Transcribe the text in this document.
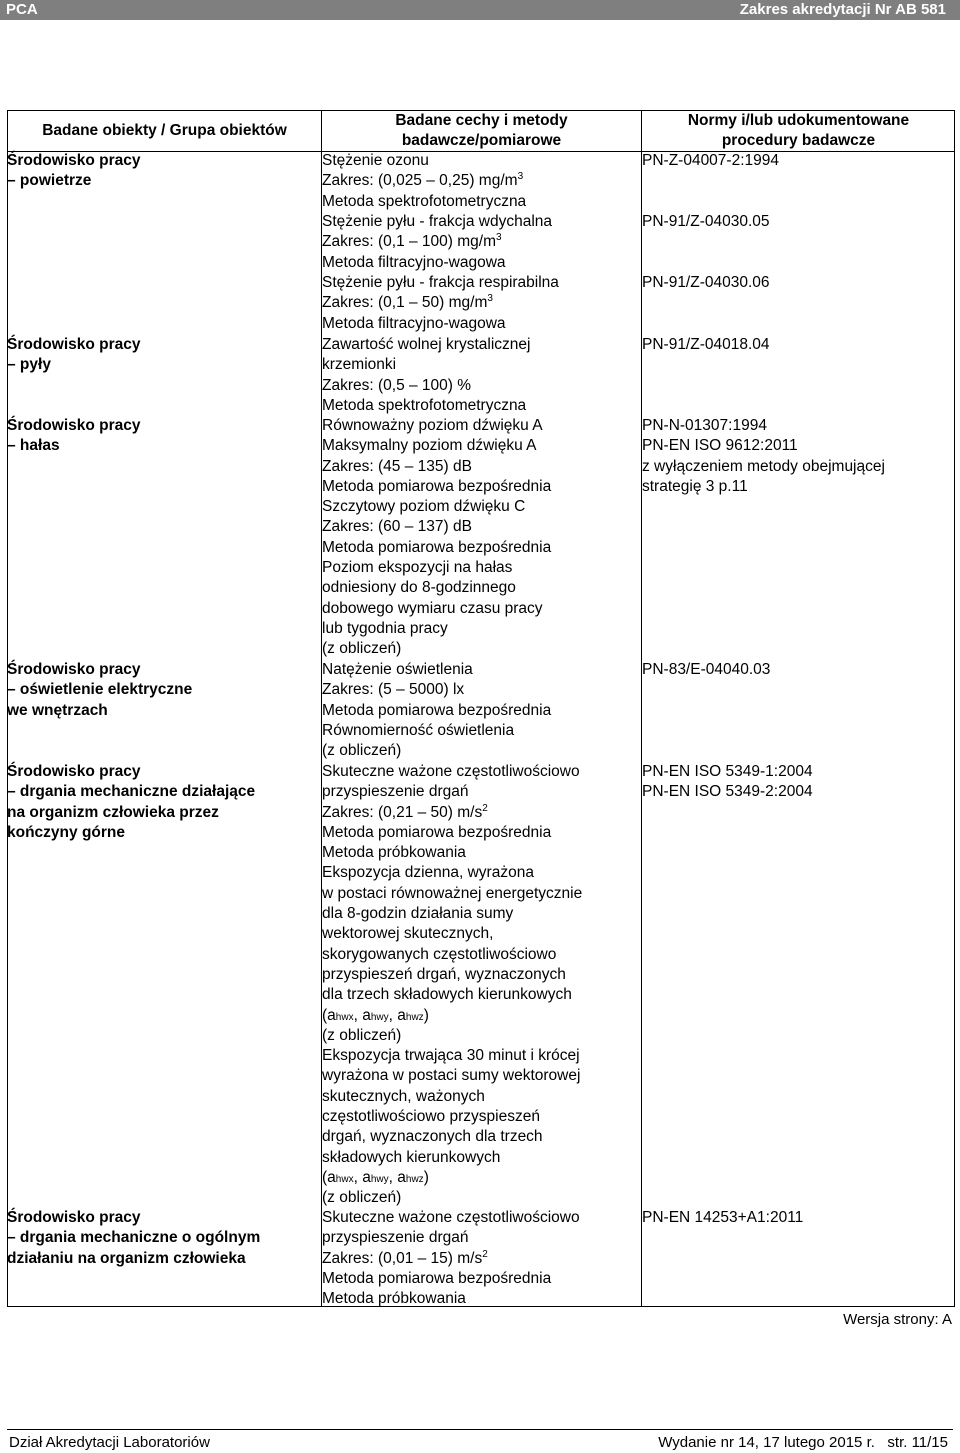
PCA	Zakres akredytacji Nr AB 581
Badane obiekty / Grupa obiektów
Badane cechy i metody
badawcze/pomiarowe
Normy i/lub udokumentowane
procedury badawcze
Środowisko pracy
– powietrze
Środowisko pracy
– pyły
Środowisko pracy
– hałas
Środowisko pracy
– oświetlenie elektryczne
we wnętrzach
Środowisko pracy
– drgania mechaniczne działające
na organizm człowieka przez
kończyny górne
Środowisko pracy
– drgania mechaniczne o ogólnym
działaniu na organizm człowieka
Stężenie ozonu
Zakres: (0,025 – 0,25) $mg/m^3$
Metoda spektrofotometryczna
Stężenie pyłu - frakcja wdychalna
Zakres: (0,1 – 100) $mg/m^3$
Metoda filtracyjno-wagowa
Stężenie pyłu - frakcja respirabilna
Zakres: (0,1 – 50) $mg/m^3$
Metoda filtracyjno-wagowa
Zawartość wolnej krystalicznej
krzemionki
Zakres: (0,5 – 100) %
Metoda spektrofotometryczna
Równoważny poziom dźwięku A
Maksymalny poziom dźwięku A
Zakres: (45 – 135) dB
Metoda pomiarowa bezpośrednia
Szczytowy poziom dźwięku C
Zakres: (60 – 137) dB
Metoda pomiarowa bezpośrednia
Poziom ekspozycji na hałas
odniesiony do 8-godzinnego
dobowego wymiaru czasu pracy
lub tygodnia pracy
(z obliczeń)
Natężenie oświetlenia
Zakres: (5 – 5000) lx
Metoda pomiarowa bezpośrednia
Równomierność oświetlenia
(z obliczeń)
Skuteczne ważone częstotliwościowo
przyspieszenie drgań
Zakres: (0,21 – 50) $m/s^2$
Metoda pomiarowa bezpośrednia
Metoda próbkowania
Ekspozycja dzienna, wyrażona
w postaci równoważnej energetycznie
dla 8-godzin działania sumy
wektorowej skutecznych,
skorygowanych częstotliwościowo
przyspieszeń drgań, wyznaczonych
dla trzech składowych kierunkowych
(ahwx, ahwy, ahwz)
(z obliczeń)
Ekspozycja trwająca 30 minut i krócej
wyrażona w postaci sumy wektorowej
skutecznych, ważonych
częstotliwościowo przyspieszeń
drgań, wyznaczonych dla trzech
składowych kierunkowych
(ahwx, ahwy, ahwz)
(z obliczeń)
Skuteczne ważone częstotliwościowo
przyspieszenie drgań
Zakres: (0,01 – 15) $m/s^2$
Metoda pomiarowa bezpośrednia
Metoda próbkowania
PN-Z-04007-2:1994
PN-91/Z-04030.05
PN-91/Z-04030.06
PN-91/Z-04018.04
PN-N-01307:1994
PN-EN ISO 9612:2011
z wyłączeniem metody obejmującej
strategię 3 p.11
PN-83/E-04040.03
PN-EN ISO 5349-1:2004
PN-EN ISO 5349-2:2004
PN-EN 14253+A1:2011
Wersja strony: A
Dział Akredytacji Laboratoriów	Wydanie nr 14, 17 lutego 2015 r.   str. 11/15
